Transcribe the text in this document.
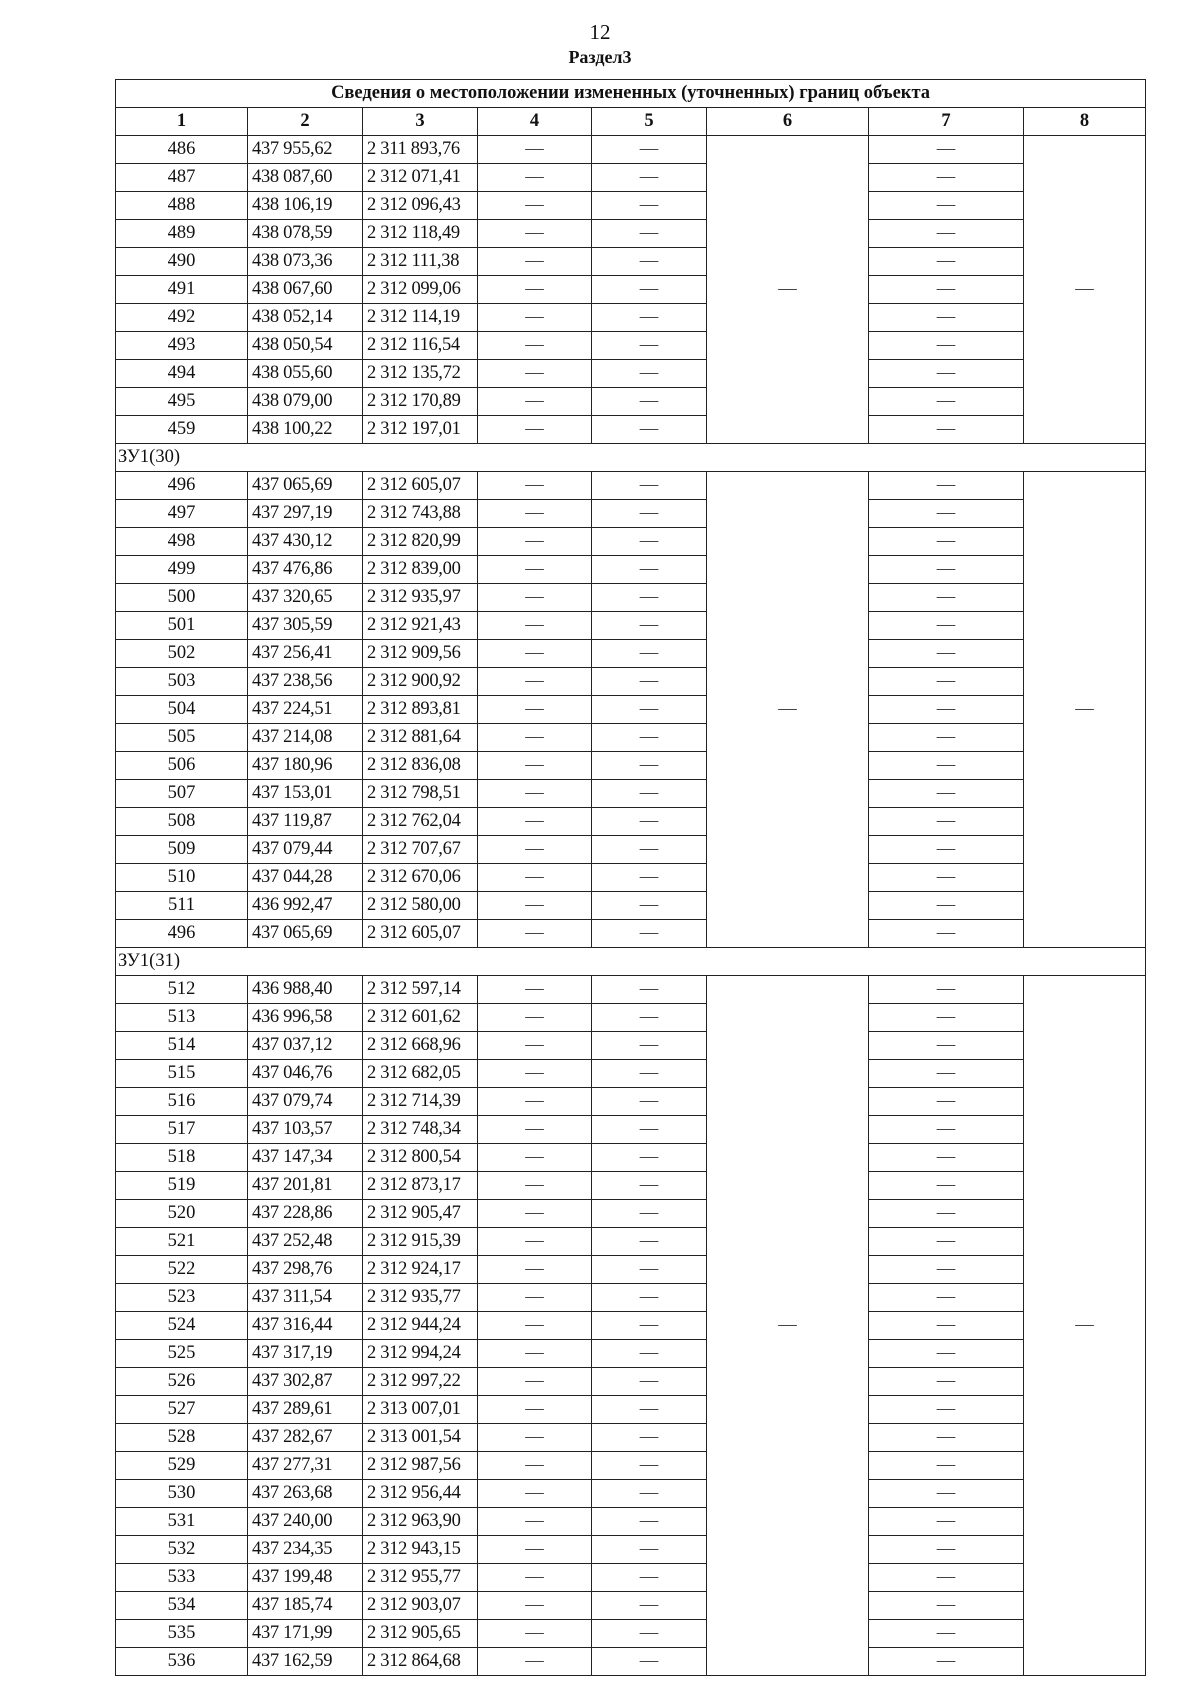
12
Раздел3
Сведения о местоположении измененных (уточненных) границ объекта							
1	2	3	4	5	6	7	8
486	437 955,62	2 311 893,76	—	—	—	—	—
487	438 087,60	2 312 071,41	—	—		—	
488	438 106,19	2 312 096,43	—	—		—	
489	438 078,59	2 312 118,49	—	—		—	
490	438 073,36	2 312 111,38	—	—		—	
491	438 067,60	2 312 099,06	—	—		—	
492	438 052,14	2 312 114,19	—	—		—	
493	438 050,54	2 312 116,54	—	—		—	
494	438 055,60	2 312 135,72	—	—		—	
495	438 079,00	2 312 170,89	—	—		—	
459	438 100,22	2 312 197,01	—	—		—	
ЗУ1(30)							
496	437 065,69	2 312 605,07	—	—	—	—	—
497	437 297,19	2 312 743,88	—	—		—	
498	437 430,12	2 312 820,99	—	—		—	
499	437 476,86	2 312 839,00	—	—		—	
500	437 320,65	2 312 935,97	—	—		—	
501	437 305,59	2 312 921,43	—	—		—	
502	437 256,41	2 312 909,56	—	—		—	
503	437 238,56	2 312 900,92	—	—		—	
504	437 224,51	2 312 893,81	—	—		—	
505	437 214,08	2 312 881,64	—	—		—	
506	437 180,96	2 312 836,08	—	—		—	
507	437 153,01	2 312 798,51	—	—		—	
508	437 119,87	2 312 762,04	—	—		—	
509	437 079,44	2 312 707,67	—	—		—	
510	437 044,28	2 312 670,06	—	—		—	
511	436 992,47	2 312 580,00	—	—		—	
496	437 065,69	2 312 605,07	—	—		—	
ЗУ1(31)							
512	436 988,40	2 312 597,14	—	—	—	—	—
513	436 996,58	2 312 601,62	—	—		—	
514	437 037,12	2 312 668,96	—	—		—	
515	437 046,76	2 312 682,05	—	—		—	
516	437 079,74	2 312 714,39	—	—		—	
517	437 103,57	2 312 748,34	—	—		—	
518	437 147,34	2 312 800,54	—	—		—	
519	437 201,81	2 312 873,17	—	—		—	
520	437 228,86	2 312 905,47	—	—		—	
521	437 252,48	2 312 915,39	—	—		—	
522	437 298,76	2 312 924,17	—	—		—	
523	437 311,54	2 312 935,77	—	—		—	
524	437 316,44	2 312 944,24	—	—		—	
525	437 317,19	2 312 994,24	—	—		—	
526	437 302,87	2 312 997,22	—	—		—	
527	437 289,61	2 313 007,01	—	—		—	
528	437 282,67	2 313 001,54	—	—		—	
529	437 277,31	2 312 987,56	—	—		—	
530	437 263,68	2 312 956,44	—	—		—	
531	437 240,00	2 312 963,90	—	—		—	
532	437 234,35	2 312 943,15	—	—		—	
533	437 199,48	2 312 955,77	—	—		—	
534	437 185,74	2 312 903,07	—	—		—	
535	437 171,99	2 312 905,65	—	—		—	
536	437 162,59	2 312 864,68	—	—		—	
